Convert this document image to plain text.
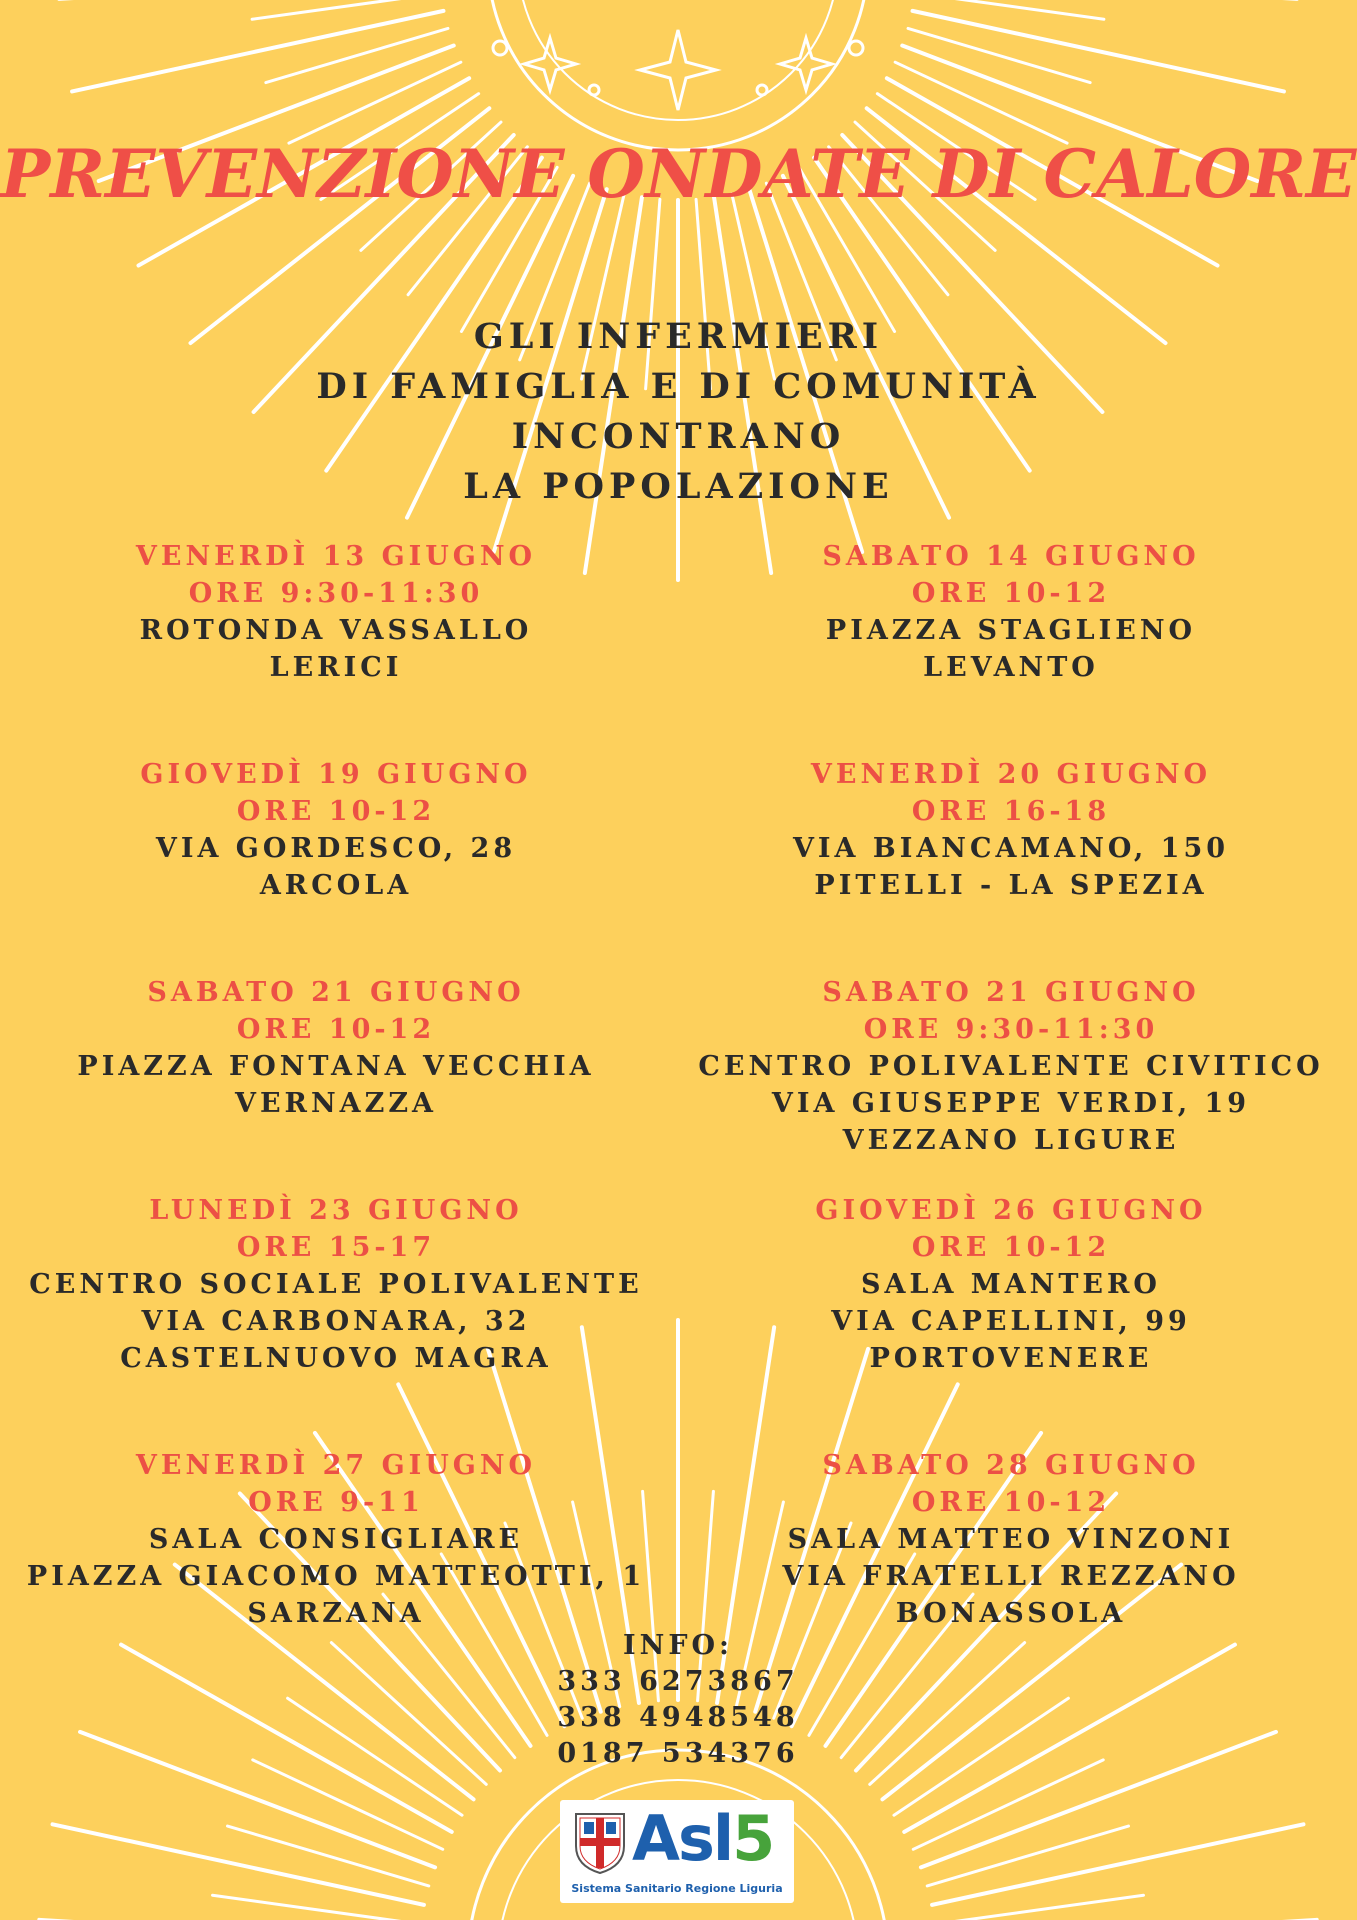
PREVENZIONE ONDATE DI CALORE
GLI INFERMIERI
DI FAMIGLIA E DI COMUNITÀ
INCONTRANO
LA POPOLAZIONE
VENERDÌ 13 GIUGNO
ORE 9:30-11:30
ROTONDA VASSALLO
LERICI
SABATO 14 GIUGNO
ORE 10-12
PIAZZA STAGLIENO
LEVANTO
GIOVEDÌ 19 GIUGNO
ORE 10-12
VIA GORDESCO, 28
ARCOLA
VENERDÌ 20 GIUGNO
ORE 16-18
VIA BIANCAMANO, 150
PITELLI - LA SPEZIA
SABATO 21 GIUGNO
ORE 10-12
PIAZZA FONTANA VECCHIA
VERNAZZA
SABATO 21 GIUGNO
ORE 9:30-11:30
CENTRO POLIVALENTE CIVITICO
VIA GIUSEPPE VERDI, 19
VEZZANO LIGURE
LUNEDÌ 23 GIUGNO
ORE 15-17
CENTRO SOCIALE POLIVALENTE
VIA CARBONARA, 32
CASTELNUOVO MAGRA
GIOVEDÌ 26 GIUGNO
ORE 10-12
SALA MANTERO
VIA CAPELLINI, 99
PORTOVENERE
VENERDÌ 27 GIUGNO
ORE 9-11
SALA CONSIGLIARE
PIAZZA GIACOMO MATTEOTTI, 1
SARZANA
SABATO 28 GIUGNO
ORE 10-12
SALA MATTEO VINZONI
VIA FRATELLI REZZANO
BONASSOLA
INFO:
333 6273867
338 4948548
0187 534376
Asl5
Sistema Sanitario Regione Liguria
